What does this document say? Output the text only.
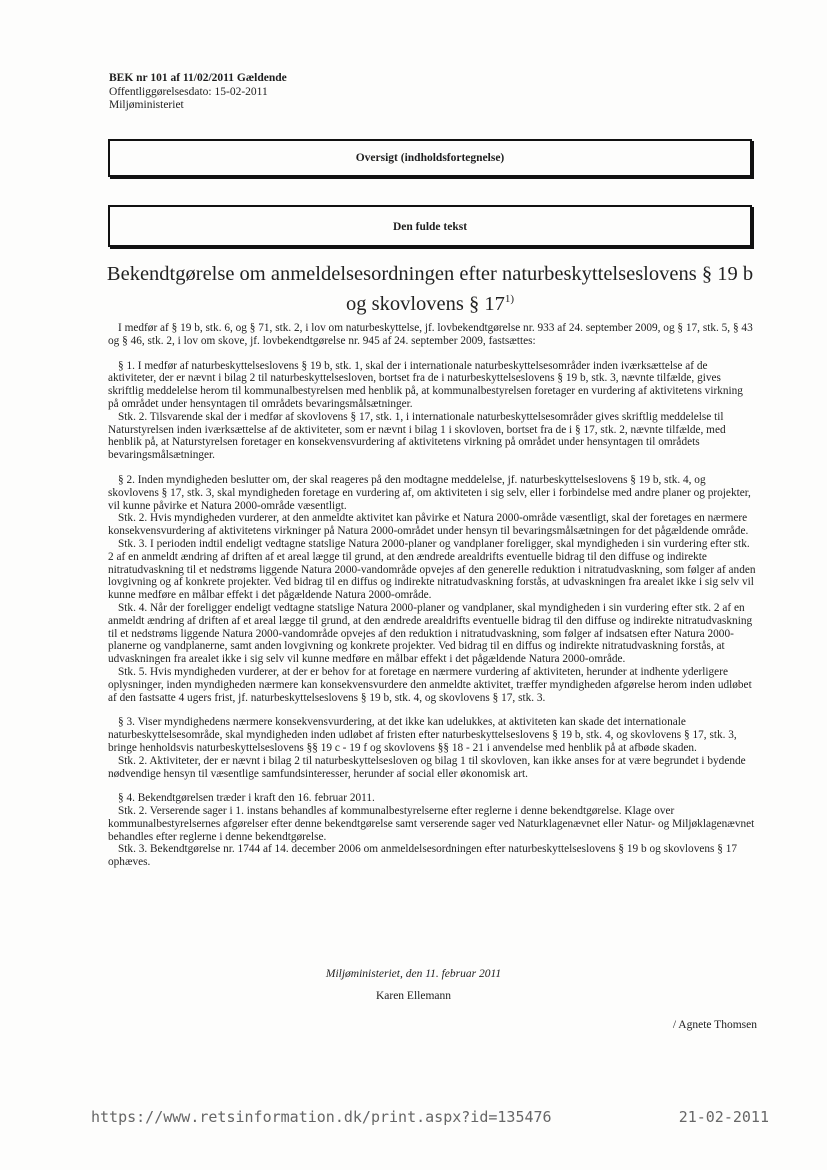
BEK nr 101 af 11/02/2011 Gældende
Offentliggørelsesdato: 15-02-2011
Miljøministeriet
Oversigt (indholdsfortegnelse)
Den fulde tekst
Bekendtgørelse om anmeldelsesordningen efter naturbeskyttelseslovens § 19 b
og skovlovens § 17$^{1)}$

I medfør af § 19 b, stk. 6, og § 71, stk. 2, i lov om naturbeskyttelse, jf. lovbekendtgørelse nr. 933 af 24. september 2009, og § 17, stk. 5, § 43 og § 46, stk. 2, i lov om skove, jf. lovbekendtgørelse nr. 945 af 24. september 2009, fastsættes:

§ 1. I medfør af naturbeskyttelseslovens § 19 b, stk. 1, skal der i internationale naturbeskyttelsesområder inden iværksættelse af de aktiviteter, der er nævnt i bilag 2 til naturbeskyttelsesloven, bortset fra de i naturbeskyttelseslovens § 19 b, stk. 3, nævnte tilfælde, gives skriftlig meddelelse herom til kommunalbestyrelsen med henblik på, at kommunalbestyrelsen foretager en vurdering af aktivitetens virkning på området under hensyntagen til områdets bevaringsmålsætninger.

Stk. 2. Tilsvarende skal der i medfør af skovlovens § 17, stk. 1, i internationale naturbeskyttelsesområder gives skriftlig meddelelse til Naturstyrelsen inden iværksættelse af de aktiviteter, som er nævnt i bilag 1 i skovloven, bortset fra de i § 17, stk. 2, nævnte tilfælde, med henblik på, at Naturstyrelsen foretager en konsekvensvurdering af aktivitetens virkning på området under hensyntagen til områdets bevaringsmålsætninger.

§ 2. Inden myndigheden beslutter om, der skal reageres på den modtagne meddelelse, jf. naturbeskyttelseslovens § 19 b, stk. 4, og skovlovens § 17, stk. 3, skal myndigheden foretage en vurdering af, om aktiviteten i sig selv, eller i forbindelse med andre planer og projekter, vil kunne påvirke et Natura 2000-område væsentligt.

Stk. 2. Hvis myndigheden vurderer, at den anmeldte aktivitet kan påvirke et Natura 2000-område væsentligt, skal der foretages en nærmere konsekvensvurdering af aktivitetens virkninger på Natura 2000-området under hensyn til bevaringsmålsætningen for det pågældende område.

Stk. 3. I perioden indtil endeligt vedtagne statslige Natura 2000-planer og vandplaner foreligger, skal myndigheden i sin vurdering efter stk. 2 af en anmeldt ændring af driften af et areal lægge til grund, at den ændrede arealdrifts eventuelle bidrag til den diffuse og indirekte nitratudvaskning til et nedstrøms liggende Natura 2000-vandområde opvejes af den generelle reduktion i nitratudvaskning, som følger af anden lovgivning og af konkrete projekter. Ved bidrag til en diffus og indirekte nitratudvaskning forstås, at udvaskningen fra arealet ikke i sig selv vil kunne medføre en målbar effekt i det pågældende Natura 2000-område.

Stk. 4. Når der foreligger endeligt vedtagne statslige Natura 2000-planer og vandplaner, skal myndigheden i sin vurdering efter stk. 2 af en anmeldt ændring af driften af et areal lægge til grund, at den ændrede arealdrifts eventuelle bidrag til den diffuse og indirekte nitratudvaskning til et nedstrøms liggende Natura 2000-vandområde opvejes af den reduktion i nitratudvaskning, som følger af indsatsen efter Natura 2000-planerne og vandplanerne, samt anden lovgivning og konkrete projekter. Ved bidrag til en diffus og indirekte nitratudvaskning forstås, at udvaskningen fra arealet ikke i sig selv vil kunne medføre en målbar effekt i det pågældende Natura 2000-område.

Stk. 5. Hvis myndigheden vurderer, at der er behov for at foretage en nærmere vurdering af aktiviteten, herunder at indhente yderligere oplysninger, inden myndigheden nærmere kan konsekvensvurdere den anmeldte aktivitet, træffer myndigheden afgørelse herom inden udløbet af den fastsatte 4 ugers frist, jf. naturbeskyttelseslovens § 19 b, stk. 4, og skovlovens § 17, stk. 3.

§ 3. Viser myndighedens nærmere konsekvensvurdering, at det ikke kan udelukkes, at aktiviteten kan skade det internationale naturbeskyttelsesområde, skal myndigheden inden udløbet af fristen efter naturbeskyttelseslovens § 19 b, stk. 4, og skovlovens § 17, stk. 3, bringe henholdsvis naturbeskyttelseslovens §§ 19 c - 19 f og skovlovens §§ 18 - 21 i anvendelse med henblik på at afbøde skaden.

Stk. 2. Aktiviteter, der er nævnt i bilag 2 til naturbeskyttelsesloven og bilag 1 til skovloven, kan ikke anses for at være begrundet i bydende nødvendige hensyn til væsentlige samfundsinteresser, herunder af social eller økonomisk art.

§ 4. Bekendtgørelsen træder i kraft den 16. februar 2011.

Stk. 2. Verserende sager i 1. instans behandles af kommunalbestyrelserne efter reglerne i denne bekendtgørelse. Klage over kommunalbestyrelsernes afgørelser efter denne bekendtgørelse samt verserende sager ved Naturklagenævnet eller Natur- og Miljøklagenævnet behandles efter reglerne i denne bekendtgørelse.

Stk. 3. Bekendtgørelse nr. 1744 af 14. december 2006 om anmeldelsesordningen efter naturbeskyttelseslovens § 19 b og skovlovens § 17 ophæves.

Miljøministeriet, den 11. februar 2011
Karen Ellemann
/ Agnete Thomsen
https://www.retsinformation.dk/print.aspx?id=135476	21-02-2011
